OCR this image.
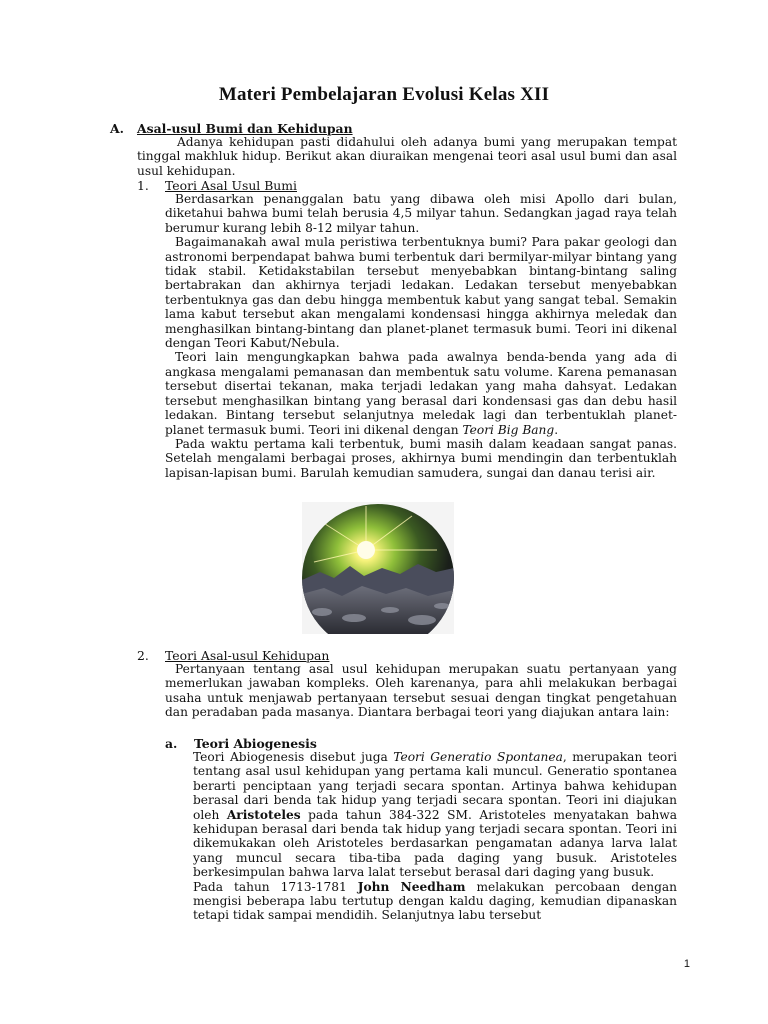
Materi Pembelajaran Evolusi Kelas XII
A. Asal-usul Bumi dan Kehidupan

Adanya kehidupan pasti didahului oleh adanya bumi yang merupakan tempat tinggal makhluk hidup. Berikut akan diuraikan mengenai teori asal usul bumi dan asal usul kehidupan.

1. Teori Asal Usul Bumi

Berdasarkan penanggalan batu yang dibawa oleh misi Apollo dari bulan, diketahui bahwa bumi telah berusia 4,5 milyar tahun. Sedangkan jagad raya telah berumur kurang lebih 8-12 milyar tahun.

Bagaimanakah awal mula peristiwa terbentuknya bumi? Para pakar geologi dan astronomi berpendapat bahwa bumi terbentuk dari bermilyar-milyar bintang yang tidak stabil. Ketidakstabilan tersebut menyebabkan bintang-bintang saling bertabrakan dan akhirnya terjadi ledakan. Ledakan tersebut menyebabkan terbentuknya gas dan debu hingga membentuk kabut yang sangat tebal. Semakin lama kabut tersebut akan mengalami kondensasi hingga akhirnya meledak dan menghasilkan bintang-bintang dan planet-planet termasuk bumi. Teori ini dikenal dengan Teori Kabut/Nebula.

Teori lain mengungkapkan bahwa pada awalnya benda-benda yang ada di angkasa mengalami pemanasan dan membentuk satu volume. Karena pemanasan tersebut disertai tekanan, maka terjadi ledakan yang maha dahsyat. Ledakan tersebut menghasilkan bintang yang berasal dari kondensasi gas dan debu hasil ledakan. Bintang tersebut selanjutnya meledak lagi dan terbentuklah planet-planet termasuk bumi. Teori ini dikenal dengan Teori Big Bang.

Pada waktu pertama kali terbentuk, bumi masih dalam keadaan sangat panas. Setelah mengalami berbagai proses, akhirnya bumi mendingin dan terbentuklah lapisan-lapisan bumi. Barulah kemudian samudera, sungai dan danau terisi air.

2. Teori Asal-usul Kehidupan

Pertanyaan tentang asal usul kehidupan merupakan suatu pertanyaan yang memerlukan jawaban kompleks. Oleh karenanya, para ahli melakukan berbagai usaha untuk menjawab pertanyaan tersebut sesuai dengan tingkat pengetahuan dan peradaban pada masanya. Diantara berbagai teori yang diajukan antara lain:

a. Teori Abiogenesis

Teori Abiogenesis disebut juga Teori Generatio Spontanea, merupakan teori tentang asal usul kehidupan yang pertama kali muncul. Generatio spontanea berarti penciptaan yang terjadi secara spontan. Artinya bahwa kehidupan berasal dari benda tak hidup yang terjadi secara spontan. Teori ini diajukan oleh Aristoteles pada tahun 384-322 SM. Aristoteles menyatakan bahwa kehidupan berasal dari benda tak hidup yang terjadi secara spontan. Teori ini dikemukakan oleh Aristoteles berdasarkan pengamatan adanya larva lalat yang muncul secara tiba-tiba pada daging yang busuk. Aristoteles berkesimpulan bahwa larva lalat tersebut berasal dari daging yang busuk.

Pada tahun 1713-1781 John Needham melakukan percobaan dengan mengisi beberapa labu tertutup dengan kaldu daging, kemudian dipanaskan tetapi tidak sampai mendidih. Selanjutnya labu tersebut

1
